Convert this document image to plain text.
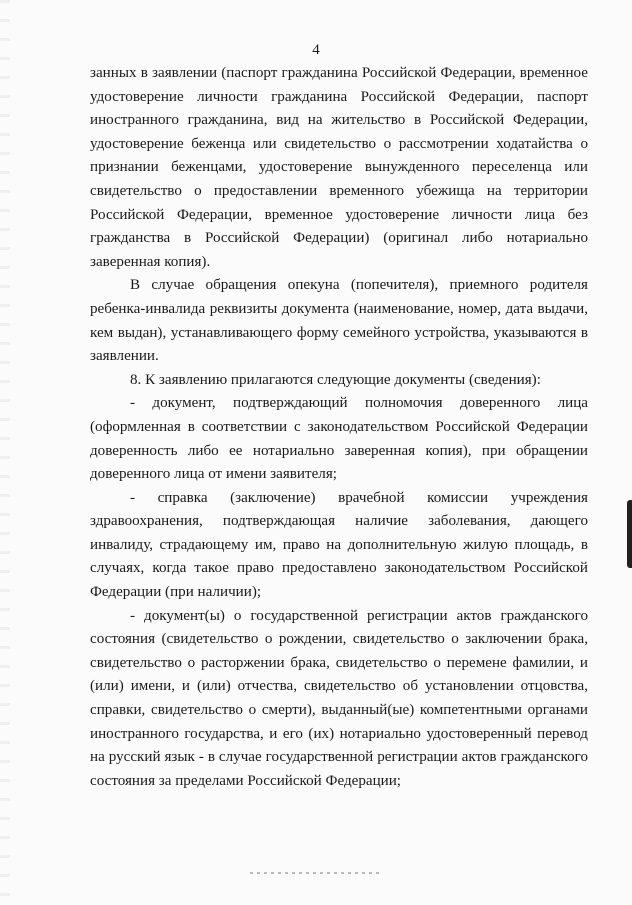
4

занных в заявлении (паспорт гражданина Российской Федерации, временное удостоверение личности гражданина Российской Федерации, паспорт иностранного гражданина, вид на жительство в Российской Федерации, удостоверение беженца или свидетельство о рассмотрении ходатайства о признании беженцами, удостоверение вынужденного переселенца или свидетельство о предоставлении временного убежища на территории Российской Федерации, временное удостоверение личности лица без гражданства в Российской Федерации) (оригинал либо нотариально заверенная копия).

В случае обращения опекуна (попечителя), приемного родителя ребенка-инвалида реквизиты документа (наименование, номер, дата выдачи, кем выдан), устанавливающего форму семейного устройства, указываются в заявлении.

8. К заявлению прилагаются следующие документы (сведения):

- документ, подтверждающий полномочия доверенного лица (оформленная в соответствии с законодательством Российской Федерации доверенность либо ее нотариально заверенная копия), при обращении доверенного лица от имени заявителя;

- справка (заключение) врачебной комиссии учреждения здравоохранения, подтверждающая наличие заболевания, дающего инвалиду, страдающему им, право на дополнительную жилую площадь, в случаях, когда такое право предоставлено законодательством Российской Федерации (при наличии);

- документ(ы) о государственной регистрации актов гражданского состояния (свидетельство о рождении, свидетельство о заключении брака, свидетельство о расторжении брака, свидетельство о перемене фамилии, и (или) имени, и (или) отчества, свидетельство об установлении отцовства, справки, свидетельство о смерти), выданный(ые) компетентными органами иностранного государства, и его (их) нотариально удостоверенный перевод на русский язык - в случае государственной регистрации актов гражданского состояния за пределами Российской Федерации;
